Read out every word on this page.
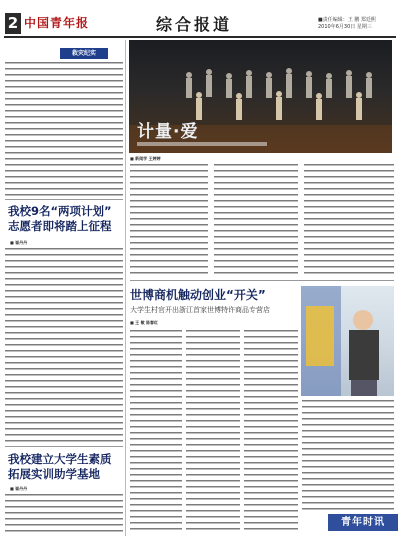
2 中国青年报	综合报道	■责任编辑：王 鹏 郑廷熙
2010年6月30日 星期三
救灾纪实
我校9名“两项计划”
志愿者即将踏上征程
■ 崔丹丹
我校建立大学生素质
拓展实训助学基地
■ 崔丹丹
计量·爱
■ 新闻学 王婷婷
世博商机触动创业“开关”
大学生村官开出浙江首家世博特许商品专营店
■ 王 敏 陈春红
青年时讯
